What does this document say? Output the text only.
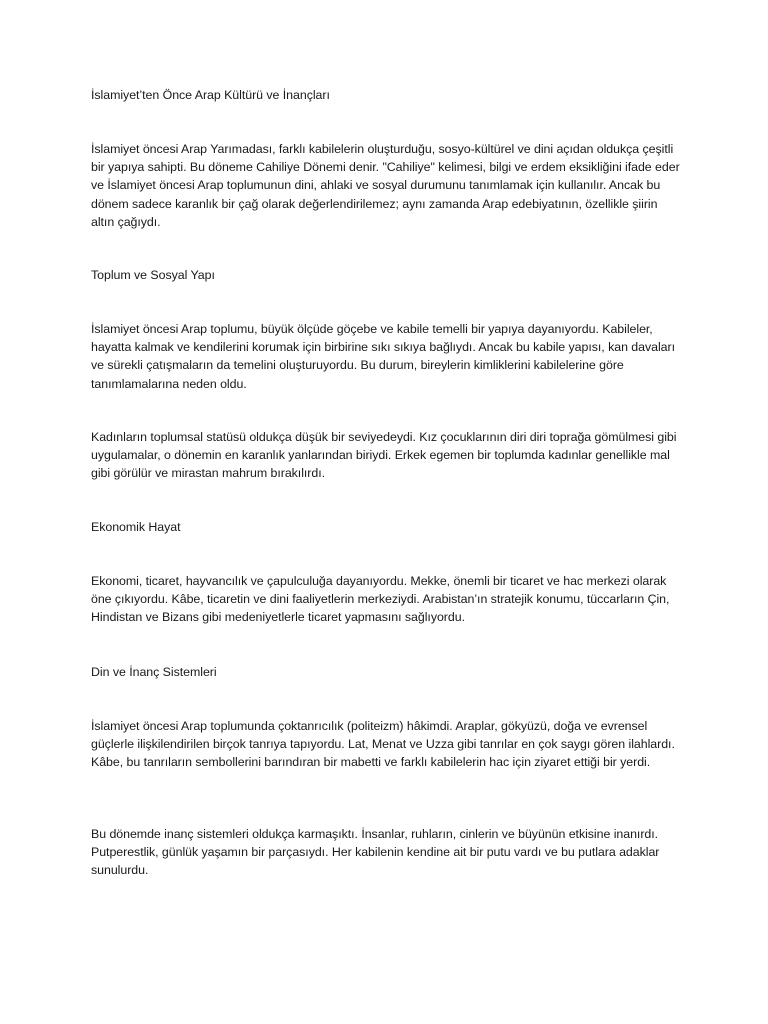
İslamiyet’ten Önce Arap Kültürü ve İnançları

İslamiyet öncesi Arap Yarımadası, farklı kabilelerin oluşturduğu, sosyo-kültürel ve dini açıdan oldukça çeşitli bir yapıya sahipti. Bu döneme Cahiliye Dönemi denir. "Cahiliye" kelimesi, bilgi ve erdem eksikliğini ifade eder ve İslamiyet öncesi Arap toplumunun dini, ahlaki ve sosyal durumunu tanımlamak için kullanılır. Ancak bu dönem sadece karanlık bir çağ olarak değerlendirilemez; aynı zamanda Arap edebiyatının, özellikle şiirin altın çağıydı.

Toplum ve Sosyal Yapı

İslamiyet öncesi Arap toplumu, büyük ölçüde göçebe ve kabile temelli bir yapıya dayanıyordu. Kabileler, hayatta kalmak ve kendilerini korumak için birbirine sıkı sıkıya bağlıydı. Ancak bu kabile yapısı, kan davaları ve sürekli çatışmaların da temelini oluşturuyordu. Bu durum, bireylerin kimliklerini kabilelerine göre tanımlamalarına neden oldu.

Kadınların toplumsal statüsü oldukça düşük bir seviyedeydi. Kız çocuklarının diri diri toprağa gömülmesi gibi uygulamalar, o dönemin en karanlık yanlarından biriydi. Erkek egemen bir toplumda kadınlar genellikle mal gibi görülür ve mirastan mahrum bırakılırdı.

Ekonomik Hayat

Ekonomi, ticaret, hayvancılık ve çapulculuğa dayanıyordu. Mekke, önemli bir ticaret ve hac merkezi olarak öne çıkıyordu. Kâbe, ticaretin ve dini faaliyetlerin merkeziydi. Arabistan’ın stratejik konumu, tüccarların Çin, Hindistan ve Bizans gibi medeniyetlerle ticaret yapmasını sağlıyordu.

Din ve İnanç Sistemleri

İslamiyet öncesi Arap toplumunda çoktanrıcılık (politeizm) hâkimdi. Araplar, gökyüzü, doğa ve evrensel güçlerle ilişkilendirilen birçok tanrıya tapıyordu. Lat, Menat ve Uzza gibi tanrılar en çok saygı gören ilahlardı. Kâbe, bu tanrıların sembollerini barındıran bir mabetti ve farklı kabilelerin hac için ziyaret ettiği bir yerdi.

Bu dönemde inanç sistemleri oldukça karmaşıktı. İnsanlar, ruhların, cinlerin ve büyünün etkisine inanırdı. Putperestlik, günlük yaşamın bir parçasıydı. Her kabilenin kendine ait bir putu vardı ve bu putlara adaklar sunulurdu.
